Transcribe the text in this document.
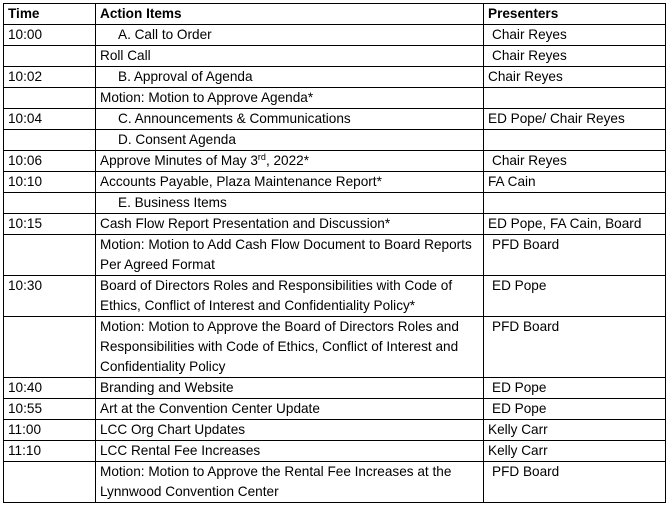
Time	Action Items	Presenters
10:00	A. Call to Order	Chair Reyes
	Roll Call	Chair Reyes
10:02	B. Approval of Agenda	Chair Reyes
	Motion: Motion to Approve Agenda*	
10:04	C. Announcements & Communications	ED Pope/ Chair Reyes
	D. Consent Agenda	
10:06	Approve Minutes of May 3rd, 2022*	Chair Reyes
10:10	Accounts Payable, Plaza Maintenance Report*	FA Cain
	E. Business Items	
10:15	Cash Flow Report Presentation and Discussion*	ED Pope, FA Cain, Board
	Motion: Motion to Add Cash Flow Document to Board Reports Per Agreed Format	PFD Board
10:30	Board of Directors Roles and Responsibilities with Code of Ethics, Conflict of Interest and Confidentiality Policy*	ED Pope
	Motion: Motion to Approve the Board of Directors Roles and Responsibilities with Code of Ethics, Conflict of Interest and Confidentiality Policy	PFD Board
10:40	Branding and Website	ED Pope
10:55	Art at the Convention Center Update	ED Pope
11:00	LCC Org Chart Updates	Kelly Carr
11:10	LCC Rental Fee Increases	Kelly Carr
	Motion: Motion to Approve the Rental Fee Increases at the Lynnwood Convention Center	PFD Board
